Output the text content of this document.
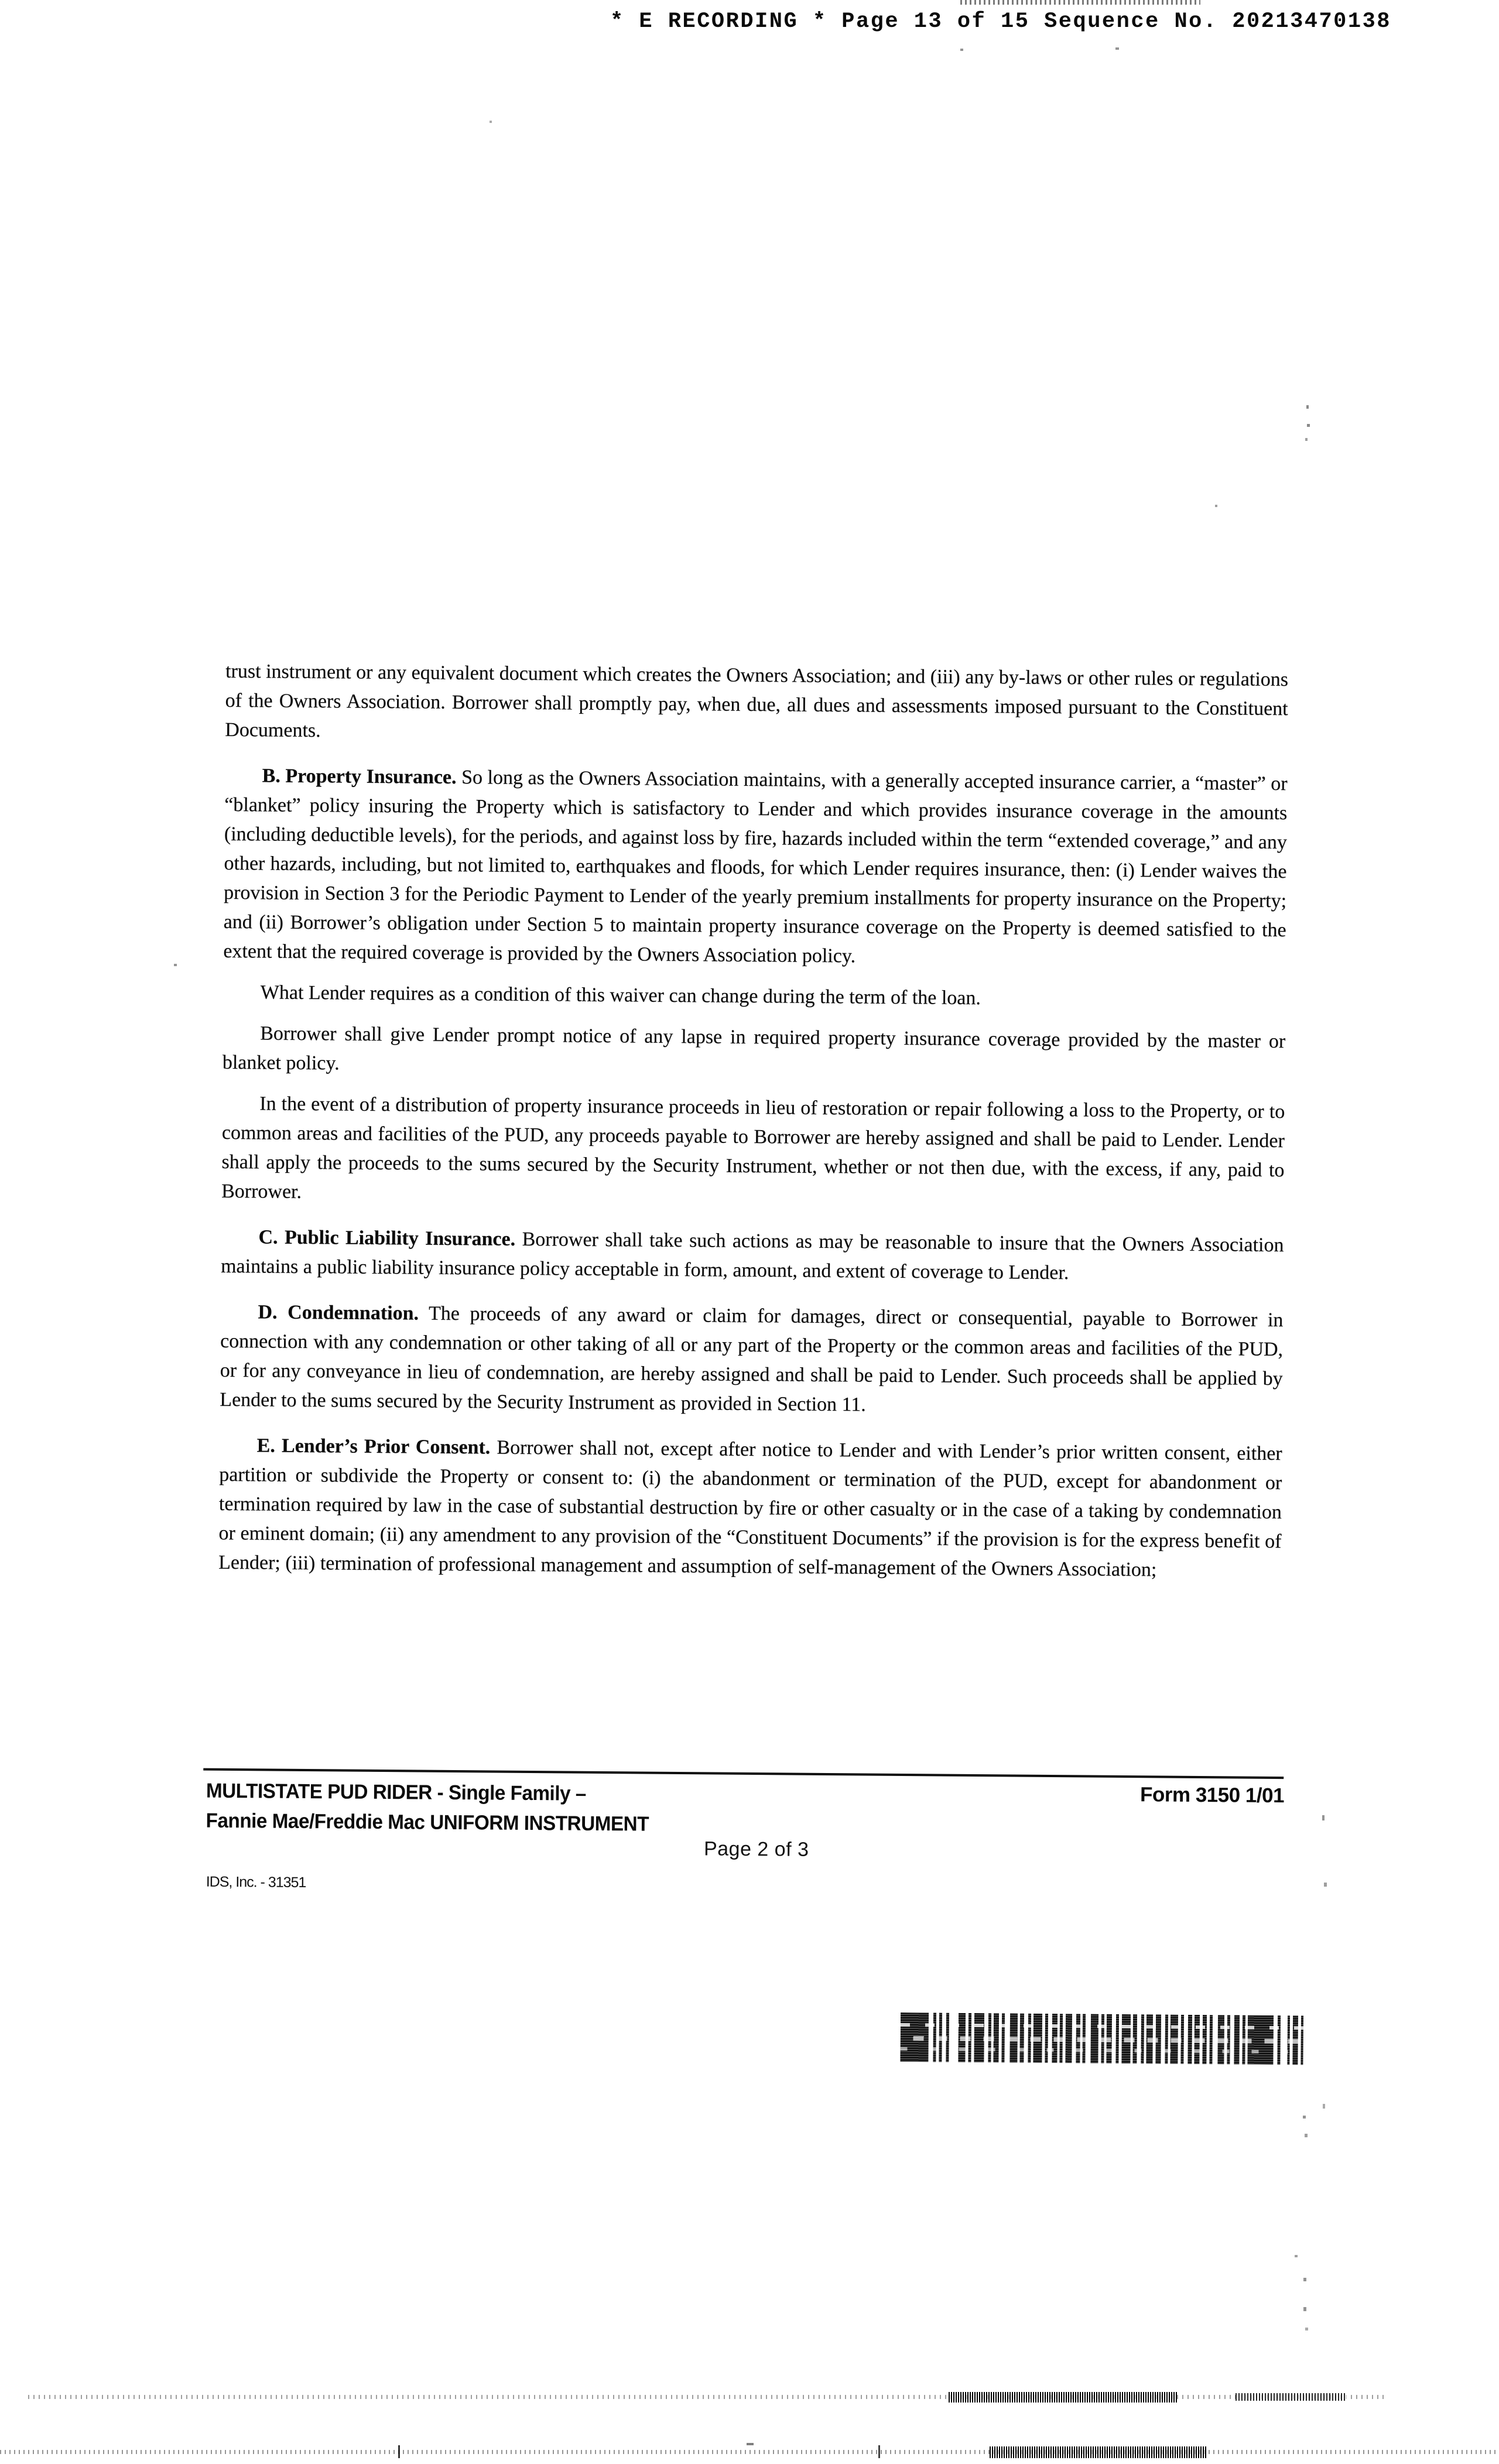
* E RECORDING * Page 13 of 15 Sequence No. 20213470138

trust instrument or any equivalent document which creates the Owners Association; and (iii) any by-laws or other rules or regulations of the Owners Association. Borrower shall promptly pay, when due, all dues and assessments imposed pursuant to the Constituent Documents.

B. Property Insurance. So long as the Owners Association maintains, with a generally accepted insurance carrier, a “master” or “blanket” policy insuring the Property which is satisfactory to Lender and which provides insurance coverage in the amounts (including deductible levels), for the periods, and against loss by fire, hazards included within the term “extended coverage,” and any other hazards, including, but not limited to, earthquakes and floods, for which Lender requires insurance, then: (i) Lender waives the provision in Section 3 for the Periodic Payment to Lender of the yearly premium installments for property insurance on the Property; and (ii) Borrower’s obligation under Section 5 to maintain property insurance coverage on the Property is deemed satisfied to the extent that the required coverage is provided by the Owners Association policy.

What Lender requires as a condition of this waiver can change during the term of the loan.

Borrower shall give Lender prompt notice of any lapse in required property insurance coverage provided by the master or blanket policy.

In the event of a distribution of property insurance proceeds in lieu of restoration or repair following a loss to the Property, or to common areas and facilities of the PUD, any proceeds payable to Borrower are hereby assigned and shall be paid to Lender. Lender shall apply the proceeds to the sums secured by the Security Instrument, whether or not then due, with the excess, if any, paid to Borrower.

C. Public Liability Insurance. Borrower shall take such actions as may be reasonable to insure that the Owners Association maintains a public liability insurance policy acceptable in form, amount, and extent of coverage to Lender.

D. Condemnation. The proceeds of any award or claim for damages, direct or consequential, payable to Borrower in connection with any condemnation or other taking of all or any part of the Property or the common areas and facilities of the PUD, or for any conveyance in lieu of condemnation, are hereby assigned and shall be paid to Lender. Such proceeds shall be applied by Lender to the sums secured by the Security Instrument as provided in Section 11.

E. Lender’s Prior Consent. Borrower shall not, except after notice to Lender and with Lender’s prior written consent, either partition or subdivide the Property or consent to: (i) the abandonment or termination of the PUD, except for abandonment or termination required by law in the case of substantial destruction by fire or other casualty or in the case of a taking by condemnation or eminent domain; (ii) any amendment to any provision of the “Constituent Documents” if the provision is for the express benefit of Lender; (iii) termination of professional management and assumption of self-management of the Owners Association;

MULTISTATE PUD RIDER - Single Family –
Fannie Mae/Freddie Mac UNIFORM INSTRUMENT
Form 3150 1/01
Page 2 of 3
IDS, Inc. - 31351
